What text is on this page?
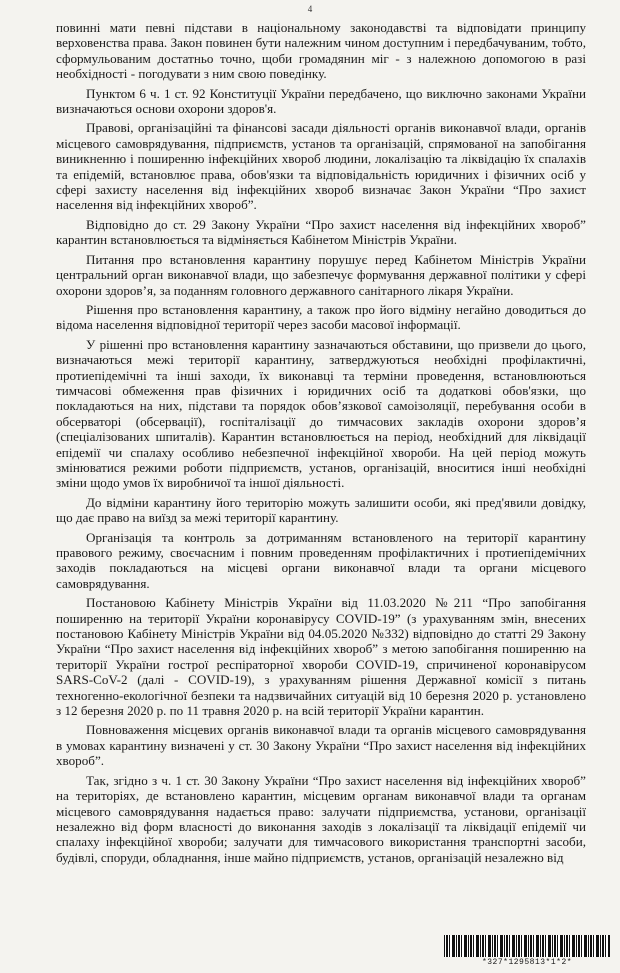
4

повинні мати певні підстави в національному законодавстві та відповідати принципу верховенства права. Закон повинен бути належним чином доступним і передбачуваним, тобто, сформульованим достатньо точно, щоби громадянин міг - з належною допомогою в разі необхідності - погодувати з ним свою поведінку.

Пунктом 6 ч. 1 ст. 92 Конституції України передбачено, що виключно законами України визначаються основи охорони здоров'я.

Правові, організаційні та фінансові засади діяльності органів виконавчої влади, органів місцевого самоврядування, підприємств, установ та організацій, спрямованої на запобігання виникненню і поширенню інфекційних хвороб людини, локалізацію та ліквідацію їх спалахів та епідемій, встановлює права, обов'язки та відповідальність юридичних і фізичних осіб у сфері захисту населення від інфекційних хвороб визначає Закон України “Про захист населення від інфекційних хвороб”.

Відповідно до ст. 29 Закону України “Про захист населення від інфекційних хвороб” карантин встановлюється та відміняється Кабінетом Міністрів України.

Питання про встановлення карантину порушує перед Кабінетом Міністрів України центральний орган виконавчої влади, що забезпечує формування державної політики у сфері охорони здоров’я, за поданням головного державного санітарного лікаря України.

Рішення про встановлення карантину, а також про його відміну негайно доводиться до відома населення відповідної території через засоби масової інформації.

У рішенні про встановлення карантину зазначаються обставини, що призвели до цього, визначаються межі території карантину, затверджуються необхідні профілактичні, протиепідемічні та інші заходи, їх виконавці та терміни проведення, встановлюються тимчасові обмеження прав фізичних і юридичних осіб та додаткові обов'язки, що покладаються на них, підстави та порядок обов’язкової самоізоляції, перебування особи в обсерваторі (обсервації), госпіталізації до тимчасових закладів охорони здоров’я (спеціалізованих шпиталів). Карантин встановлюється на період, необхідний для ліквідації епідемії чи спалаху особливо небезпечної інфекційної хвороби. На цей період можуть змінюватися режими роботи підприємств, установ, організацій, вноситися інші необхідні зміни щодо умов їх виробничої та іншої діяльності.

До відміни карантину його територію можуть залишити особи, які пред'явили довідку, що дає право на виїзд за межі території карантину.

Організація та контроль за дотриманням встановленого на території карантину правового режиму, своєчасним і повним проведенням профілактичних і протиепідемічних заходів покладаються на місцеві органи виконавчої влади та органи місцевого самоврядування.

Постановою Кабінету Міністрів України від 11.03.2020 №211 “Про запобігання поширенню на території України коронавірусу COVID-19” (з урахуванням змін, внесених постановою Кабінету Міністрів України від 04.05.2020 №332) відповідно до статті 29 Закону України “Про захист населення від інфекційних хвороб” з метою запобігання поширенню на території України гострої респіраторної хвороби COVID-19, спричиненої коронавірусом SARS-CoV-2 (далі - COVID-19), з урахуванням рішення Державної комісії з питань техногенно-екологічної безпеки та надзвичайних ситуацій від 10 березня 2020 р. установлено з 12 березня 2020 р. по 11 травня 2020 р. на всій території України карантин.

Повноваження місцевих органів виконавчої влади та органів місцевого самоврядування в умовах карантину визначені у ст. 30 Закону України “Про захист населення від інфекційних хвороб”.

Так, згідно з ч. 1 ст. 30 Закону України “Про захист населення від інфекційних хвороб” на територіях, де встановлено карантин, місцевим органам виконавчої влади та органам місцевого самоврядування надається право: залучати підприємства, установи, організації незалежно від форм власності до виконання заходів з локалізації та ліквідації епідемії чи спалаху інфекційної хвороби; залучати для тимчасового використання транспортні засоби, будівлі, споруди, обладнання, інше майно підприємств, установ, організацій незалежно від

*327*1295813*1*2*
